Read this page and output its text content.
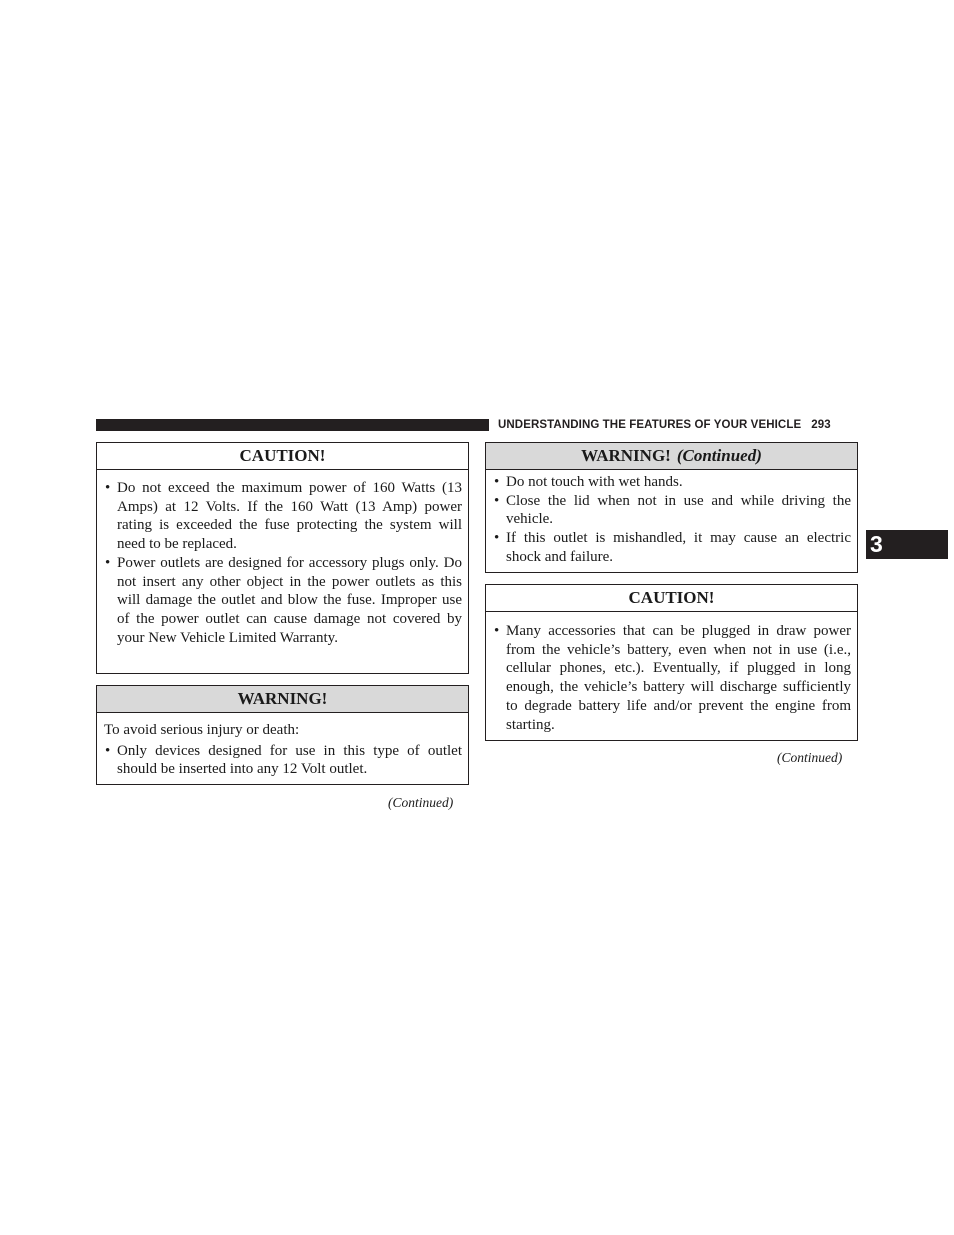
UNDERSTANDING THE FEATURES OF YOUR VEHICLE 293
3
CAUTION!
• Do not exceed the maximum power of 160 Watts (13 Amps) at 12 Volts. If the 160 Watt (13 Amp) power rating is exceeded the fuse protecting the system will need to be replaced.
• Power outlets are designed for accessory plugs only. Do not insert any other object in the power outlets as this will damage the outlet and blow the fuse. Improper use of the power outlet can cause damage not covered by your New Vehicle Limited Warranty.
WARNING!

To avoid serious injury or death:

• Only devices designed for use in this type of outlet should be inserted into any 12 Volt outlet.
(Continued)
WARNING! (Continued)
• Do not touch with wet hands.
• Close the lid when not in use and while driving the vehicle.
• If this outlet is mishandled, it may cause an electric shock and failure.
CAUTION!
• Many accessories that can be plugged in draw power from the vehicle’s battery, even when not in use (i.e., cellular phones, etc.). Eventually, if plugged in long enough, the vehicle’s battery will discharge sufficiently to degrade battery life and/or prevent the engine from starting.
(Continued)
